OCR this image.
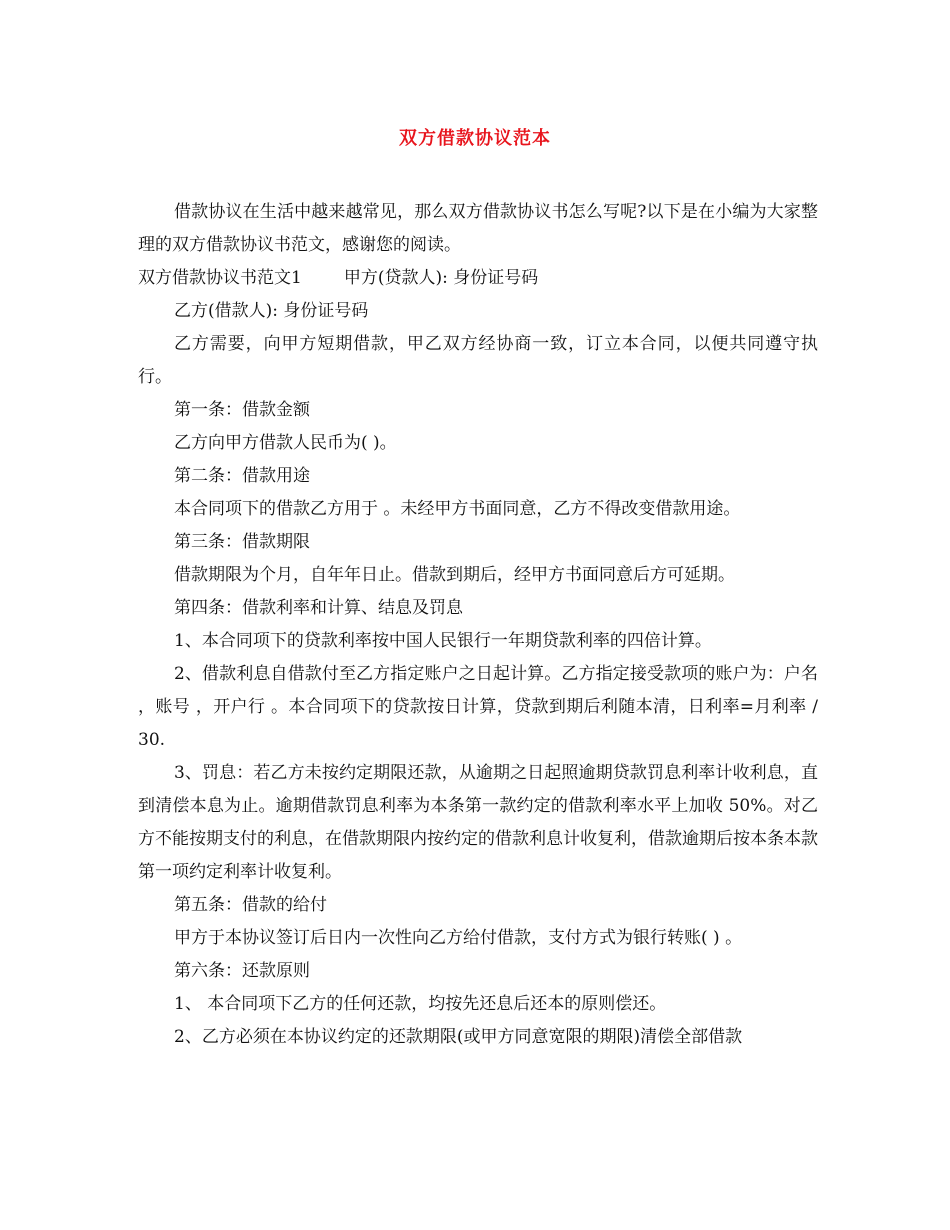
双方借款协议范本

借款协议在生活中越来越常见，那么双方借款协议书怎么写呢?以下是在小编为大家整理的双方借款协议书范文，感谢您的阅读。

双方借款协议书范文1 甲方(贷款人): 身份证号码

乙方(借款人): 身份证号码

乙方需要，向甲方短期借款，甲乙双方经协商一致，订立本合同，以便共同遵守执行。

第一条：借款金额

乙方向甲方借款人民币为( )。

第二条：借款用途

本合同项下的借款乙方用于 。未经甲方书面同意，乙方不得改变借款用途。

第三条：借款期限

借款期限为个月，自年年日止。借款到期后，经甲方书面同意后方可延期。

第四条：借款利率和计算、结息及罚息

1、本合同项下的贷款利率按中国人民银行一年期贷款利率的四倍计算。

2、借款利息自借款付至乙方指定账户之日起计算。乙方指定接受款项的账户为：户名 ，账号 ，开户行 。本合同项下的贷款按日计算，贷款到期后利随本清，日利率=月利率 / 30.

3、罚息：若乙方未按约定期限还款，从逾期之日起照逾期贷款罚息利率计收利息，直到清偿本息为止。逾期借款罚息利率为本条第一款约定的借款利率水平上加收 50%。对乙方不能按期支付的利息，在借款期限内按约定的借款利息计收复利，借款逾期后按本条本款第一项约定利率计收复利。

第五条：借款的给付

甲方于本协议签订后日内一次性向乙方给付借款，支付方式为银行转账( ) 。

第六条：还款原则

1、 本合同项下乙方的任何还款，均按先还息后还本的原则偿还。

2、乙方必须在本协议约定的还款期限(或甲方同意宽限的期限)清偿全部借款
